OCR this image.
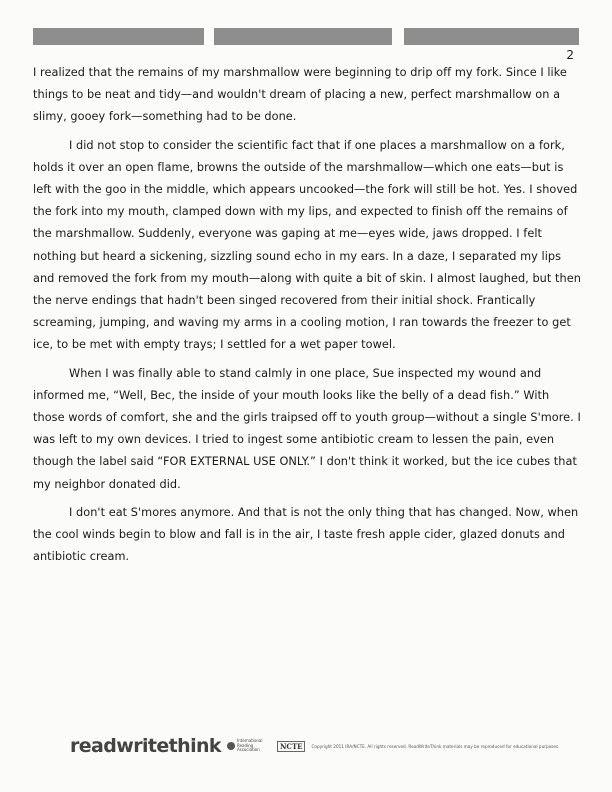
2

I realized that the remains of my marshmallow were beginning to drip off my fork. Since I like things to be neat and tidy—and wouldn't dream of placing a new, perfect marshmallow on a slimy, gooey fork—something had to be done.

I did not stop to consider the scientific fact that if one places a marshmallow on a fork, holds it over an open flame, browns the outside of the marshmallow—which one eats—but is left with the goo in the middle, which appears uncooked—the fork will still be hot. Yes. I shoved the fork into my mouth, clamped down with my lips, and expected to finish off the remains of the marshmallow. Suddenly, everyone was gaping at me—eyes wide, jaws dropped. I felt nothing but heard a sickening, sizzling sound echo in my ears. In a daze, I separated my lips and removed the fork from my mouth—along with quite a bit of skin. I almost laughed, but then the nerve endings that hadn't been singed recovered from their initial shock. Frantically screaming, jumping, and waving my arms in a cooling motion, I ran towards the freezer to get ice, to be met with empty trays; I settled for a wet paper towel.

When I was finally able to stand calmly in one place, Sue inspected my wound and informed me, “Well, Bec, the inside of your mouth looks like the belly of a dead fish.” With those words of comfort, she and the girls traipsed off to youth group—without a single S'more. I was left to my own devices. I tried to ingest some antibiotic cream to lessen the pain, even though the label said “FOR EXTERNAL USE ONLY.” I don't think it worked, but the ice cubes that my neighbor donated did.

I don't eat S'mores anymore. And that is not the only thing that has changed. Now, when the cool winds begin to blow and fall is in the air, I taste fresh apple cider, glazed donuts and antibiotic cream.

readwritethink	International Reading Association	NCTE	Copyright 2011 IRA/NCTE. All rights reserved. ReadWriteThink materials may be reproduced for educational purposes.
